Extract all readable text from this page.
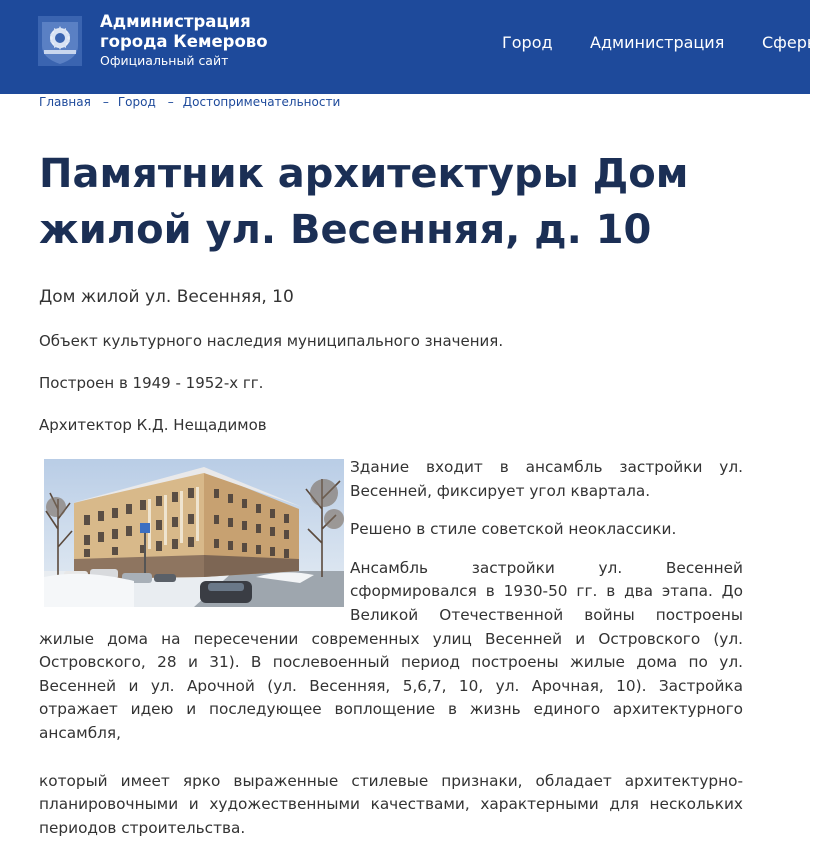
Администрация города Кемерово
Официальный сайт
Город Администрация Сферы
Главная – Город – Достопримечательности
Памятник архитектуры Дом жилой ул. Весенняя, д. 10
Дом жилой ул. Весенняя, 10
Объект культурного наследия муниципального значения.
Построен в 1949 - 1952-х гг.
Архитектор К.Д. Нещадимов

Здание входит в ансамбль застройки ул. Весенней, фиксирует угол квартала.

Решено в стиле советской неоклассики.

Ансамбль застройки ул. Весенней сформировался в 1930-50 гг. в два этапа. До Великой Отечественной войны построены жилые дома на пересечении современных улиц Весенней и Островского (ул. Островского, 28 и 31). В послевоенный период построены жилые дома по ул. Весенней и ул. Арочной (ул. Весенняя, 5,6,7, 10, ул. Арочная, 10). Застройка отражает идею и последующее воплощение в жизнь единого архитектурного ансамбля,

который имеет ярко выраженные стилевые признаки, обладает архитектурно-планировочными и художественными качествами, характерными для нескольких периодов строительства.
